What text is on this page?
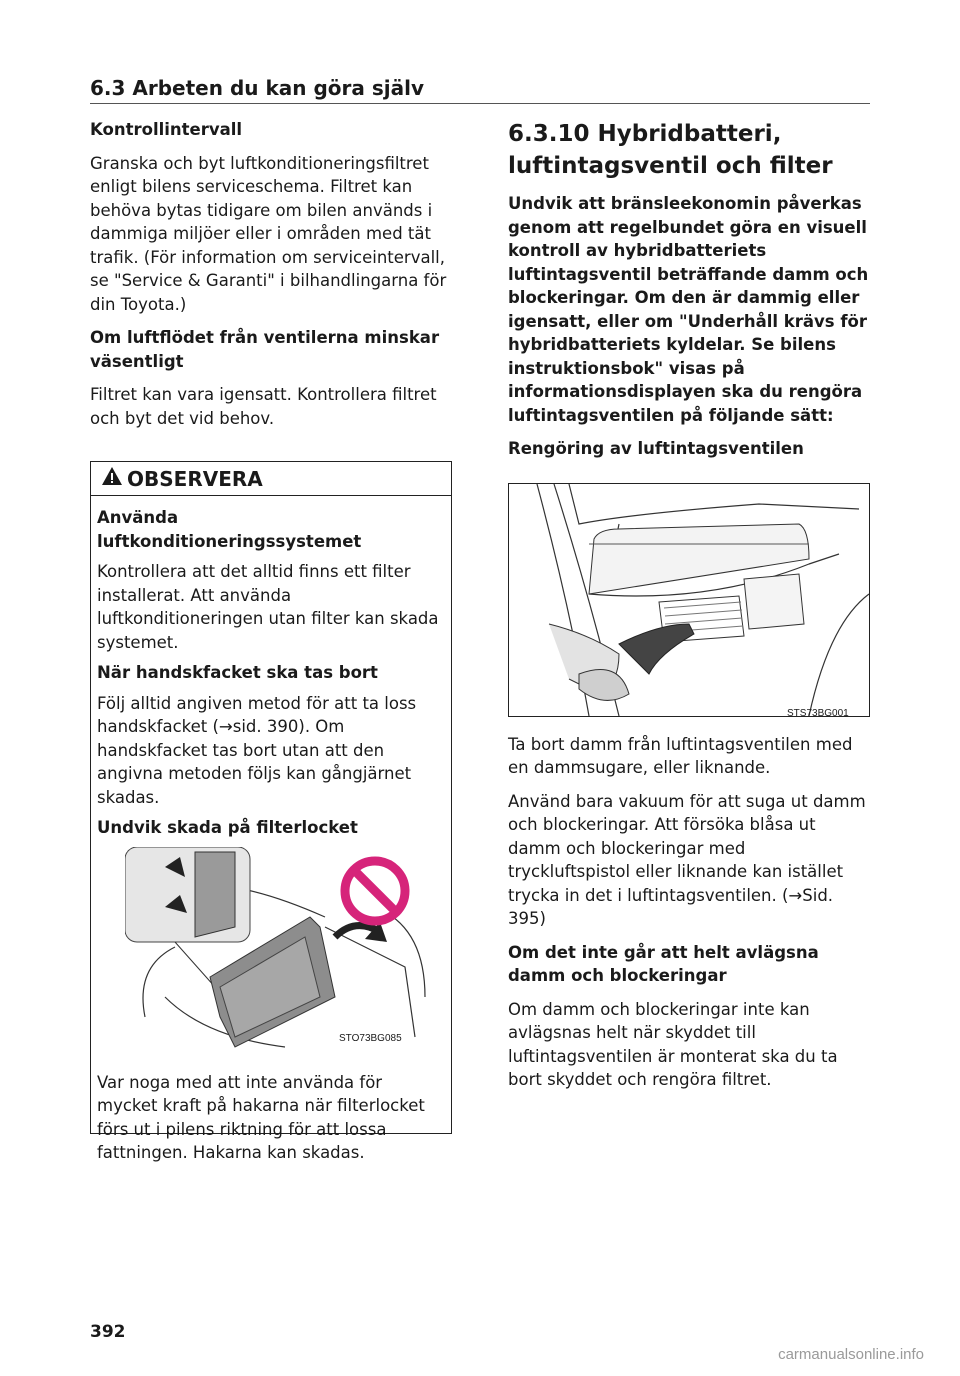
6.3 Arbeten du kan göra själv

Kontrollintervall

Granska och byt luftkonditioneringsfiltret enligt bilens serviceschema. Filtret kan behöva bytas tidigare om bilen används i dammiga miljöer eller i områden med tät trafik. (För information om serviceintervall, se "Service & Garanti" i bilhandlingarna för din Toyota.)

Om luftflödet från ventilerna minskar väsentligt

Filtret kan vara igensatt. Kontrollera filtret och byt det vid behov.

OBSERVERA

Använda luftkonditioneringssystemet

Kontrollera att det alltid finns ett filter installerat. Att använda luftkonditioneringen utan filter kan skada systemet.

När handskfacket ska tas bort

Följ alltid angiven metod för att ta loss handskfacket (→sid. 390). Om handskfacket tas bort utan att den angivna metoden följs kan gångjärnet skadas.

Undvik skada på filterlocket

STO73BG085

Var noga med att inte använda för mycket kraft på hakarna när filterlocket förs ut i pilens riktning för att lossa fattningen. Hakarna kan skadas.

6.3.10 Hybridbatteri, luftintagsventil och filter

Undvik att bränsleekonomin påverkas genom att regelbundet göra en visuell kontroll av hybridbatteriets luftintagsventil beträffande damm och blockeringar. Om den är dammig eller igensatt, eller om "Underhåll krävs för hybridbatteriets kyldelar. Se bilens instruktionsbok" visas på informationsdisplayen ska du rengöra luftintagsventilen på följande sätt:

Rengöring av luftintagsventilen

STS73BG001

Ta bort damm från luftintagsventilen med en dammsugare, eller liknande.

Använd bara vakuum för att suga ut damm och blockeringar. Att försöka blåsa ut damm och blockeringar med tryckluftspistol eller liknande kan istället trycka in det i luftintagsventilen. (→Sid. 395)

Om det inte går att helt avlägsna damm och blockeringar

Om damm och blockeringar inte kan avlägsnas helt när skyddet till luftintagsventilen är monterat ska du ta bort skyddet och rengöra filtret.

392
carmanualsonline.info
